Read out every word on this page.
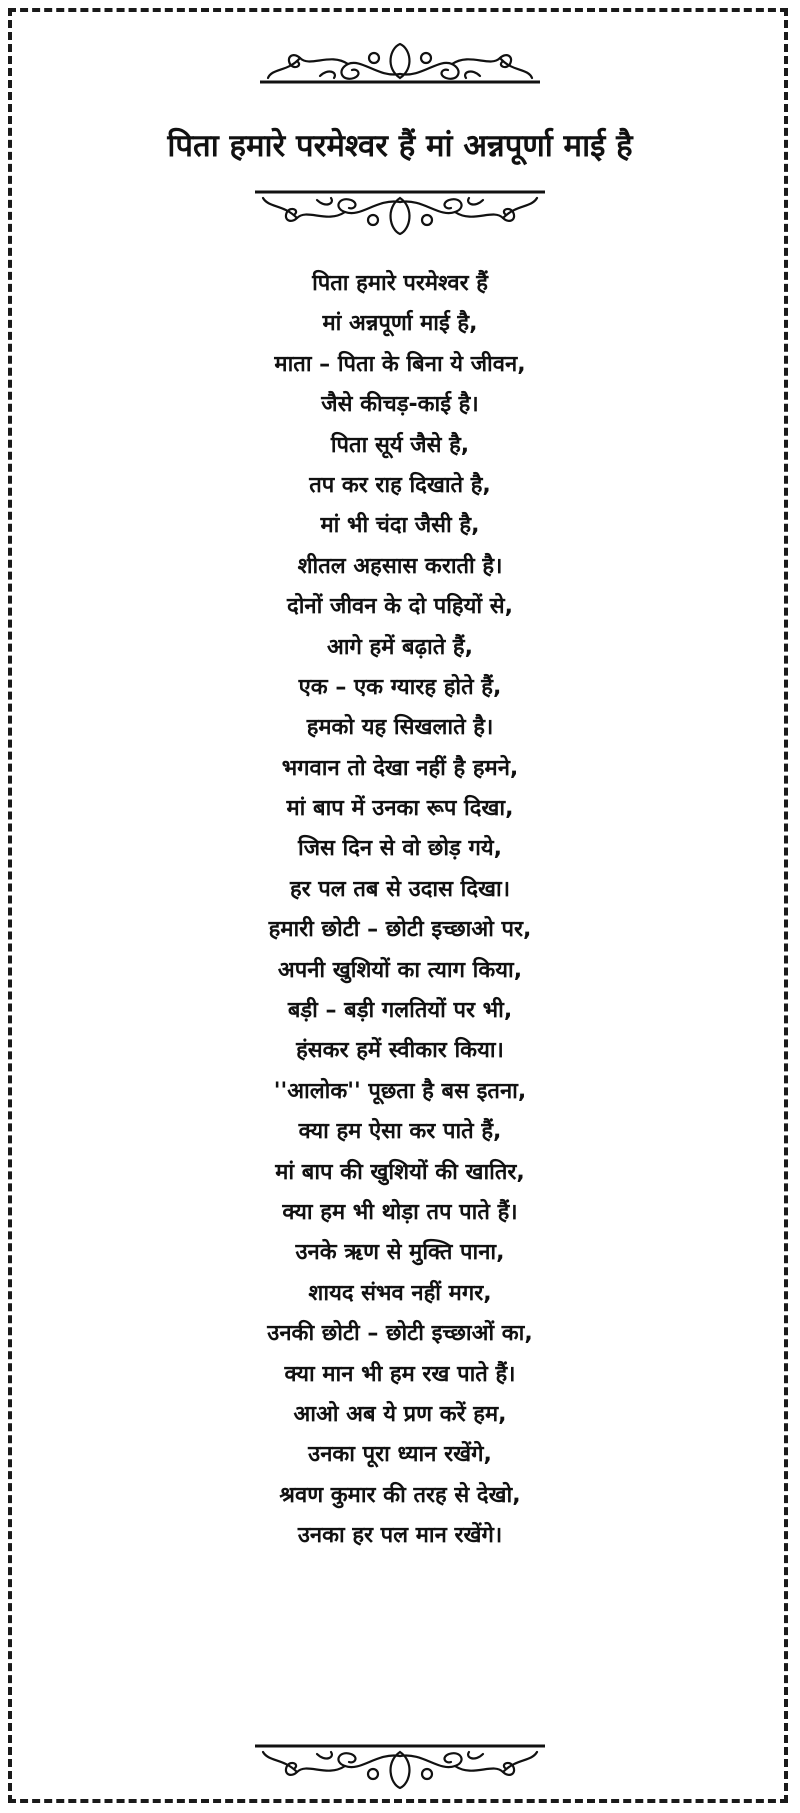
पिता हमारे परमेश्वर हैं मां अन्नपूर्णा माई है
पिता हमारे परमेश्वर हैं
मां अन्नपूर्णा माई है,
माता – पिता के बिना ये जीवन,
जैसे कीचड़-काई है।
पिता सूर्य जैसे है,
तप कर राह दिखाते है,
मां भी चंदा जैसी है,
शीतल अहसास कराती है।
दोनों जीवन के दो पहियों से,
आगे हमें बढ़ाते हैं,
एक – एक ग्यारह होते हैं,
हमको यह सिखलाते है।
भगवान तो देखा नहीं है हमने,
मां बाप में उनका रूप दिखा,
जिस दिन से वो छोड़ गये,
हर पल तब से उदास दिखा।
हमारी छोटी – छोटी इच्छाओ पर,
अपनी खुशियों का त्याग किया,
बड़ी – बड़ी गलतियों पर भी,
हंसकर हमें स्वीकार किया।
''आलोक'' पूछता है बस इतना,
क्या हम ऐसा कर पाते हैं,
मां बाप की खुशियों की खातिर,
क्या हम भी थोड़ा तप पाते हैं।
उनके ऋण से मुक्ति पाना,
शायद संभव नहीं मगर,
उनकी छोटी – छोटी इच्छाओं का,
क्या मान भी हम रख पाते हैं।
आओ अब ये प्रण करें हम,
उनका पूरा ध्यान रखेंगे,
श्रवण कुमार की तरह से देखो,
उनका हर पल मान रखेंगे।
